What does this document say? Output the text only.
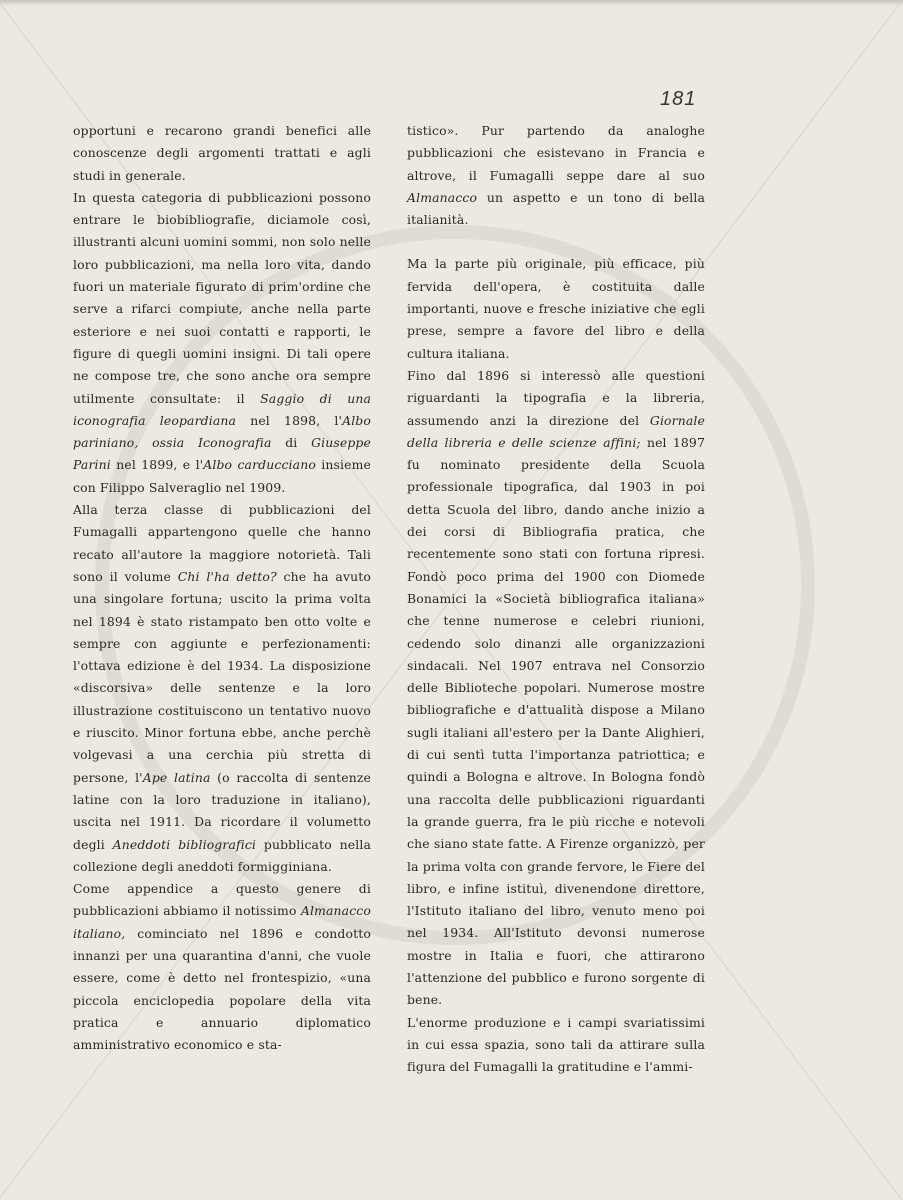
181

opportuni e recarono grandi benefici alle conoscenze degli argomenti trattati e agli studi in generale.

In questa categoria di pubblicazioni possono entrare le biobibliografie, diciamole così, illustranti alcuni uomini sommi, non solo nelle loro pubblicazioni, ma nella loro vita, dando fuori un materiale figurato di prim'ordine che serve a rifarci compiute, anche nella parte esteriore e nei suoi contatti e rapporti, le figure di quegli uomini insigni. Di tali opere ne compose tre, che sono anche ora sempre utilmente consultate: il Saggio di una iconografia leopardiana nel 1898, l'Albo pariniano, ossia Iconografia di Giuseppe Parini nel 1899, e l'Albo carducciano insieme con Filippo Salveraglio nel 1909.

Alla terza classe di pubblicazioni del Fumagalli appartengono quelle che hanno recato all'autore la maggiore notorietà. Tali sono il volume Chi l'ha detto? che ha avuto una singolare fortuna; uscito la prima volta nel 1894 è stato ristampato ben otto volte e sempre con aggiunte e perfezionamenti: l'ottava edizione è del 1934. La disposizione «discorsiva» delle sentenze e la loro illustrazione costituiscono un tentativo nuovo e riuscito. Minor fortuna ebbe, anche perchè volgevasi a una cerchia più stretta di persone, l'Ape latina (o raccolta di sentenze latine con la loro traduzione in italiano), uscita nel 1911. Da ricordare il volumetto degli Aneddoti bibliografici pubblicato nella collezione degli aneddoti formigginiana.

Come appendice a questo genere di pubblicazioni abbiamo il notissimo Almanacco italiano, cominciato nel 1896 e condotto innanzi per una quarantina d'anni, che vuole essere, come è detto nel frontespizio, «una piccola enciclopedia popolare della vita pratica e annuario diplomatico amministrativo economico e sta-

tistico». Pur partendo da analoghe pubblicazioni che esistevano in Francia e altrove, il Fumagalli seppe dare al suo Almanacco un aspetto e un tono di bella italianità.

Ma la parte più originale, più efficace, più fervida dell'opera, è costituita dalle importanti, nuove e fresche iniziative che egli prese, sempre a favore del libro e della cultura italiana.

Fino dal 1896 si interessò alle questioni riguardanti la tipografia e la libreria, assumendo anzi la direzione del Giornale della libreria e delle scienze affini; nel 1897 fu nominato presidente della Scuola professionale tipografica, dal 1903 in poi detta Scuola del libro, dando anche inizio a dei corsi di Bibliografia pratica, che recentemente sono stati con fortuna ripresi. Fondò poco prima del 1900 con Diomede Bonamici la «Società bibliografica italiana» che tenne numerose e celebri riunioni, cedendo solo dinanzi alle organizzazioni sindacali. Nel 1907 entrava nel Consorzio delle Biblioteche popolari. Numerose mostre bibliografiche e d'attualità dispose a Milano sugli italiani all'estero per la Dante Alighieri, di cui sentì tutta l'importanza patriottica; e quindi a Bologna e altrove. In Bologna fondò una raccolta delle pubblicazioni riguardanti la grande guerra, fra le più ricche e notevoli che siano state fatte. A Firenze organizzò, per la prima volta con grande fervore, le Fiere del libro, e infine istituì, divenendone direttore, l'Istituto italiano del libro, venuto meno poi nel 1934. All'Istituto devonsi numerose mostre in Italia e fuori, che attirarono l'attenzione del pubblico e furono sorgente di bene.

L'enorme produzione e i campi svariatissimi in cui essa spazia, sono tali da attirare sulla figura del Fumagalli la gratitudine e l'ammi-
